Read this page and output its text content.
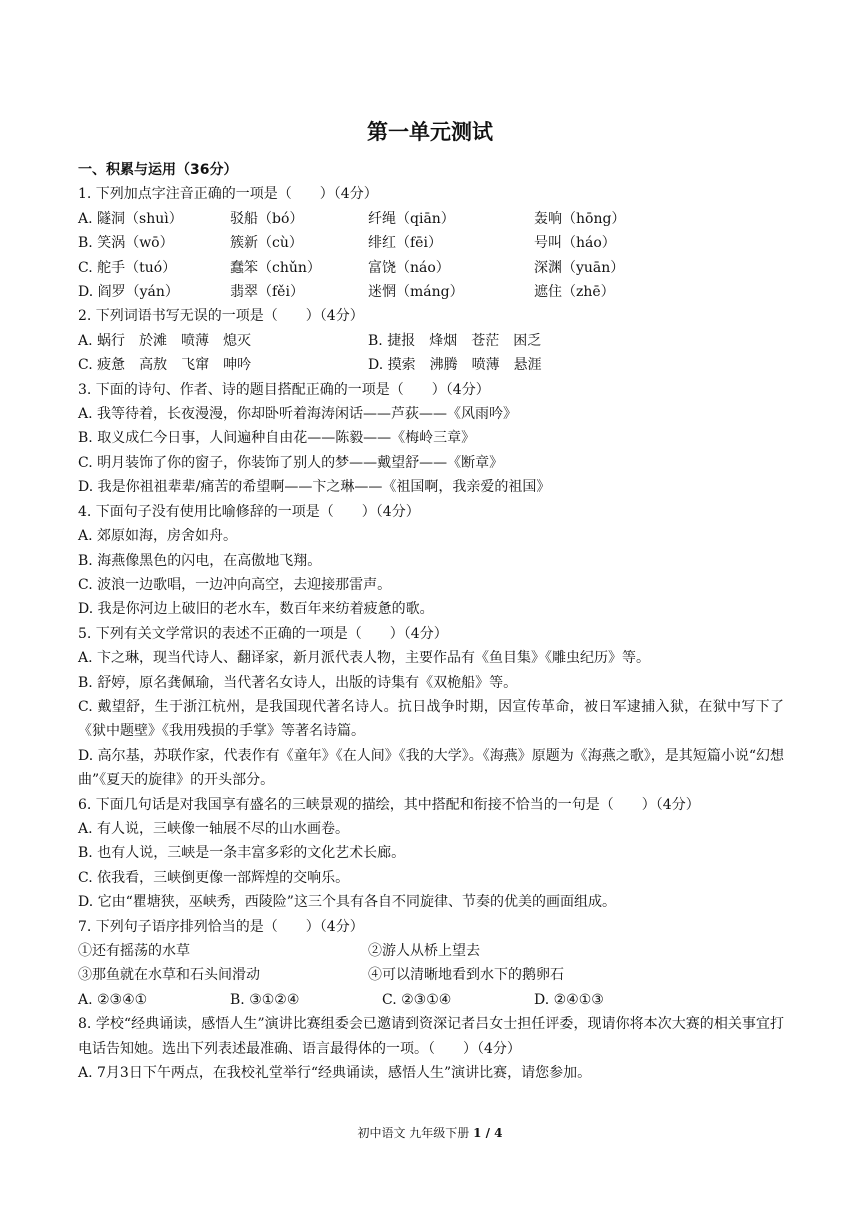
第一单元测试
一、积累与运用（36分）
1. 下列加点字注音正确的一项是（　　）（4分）
A. 隧洞（shuì）	驳船（bó）	纤绳（qiān）	轰响（hōng）
B. 笑涡（wō）	簇新（cù）	绯红（fēi）	号叫（háo）
C. 舵手（tuó）	蠢笨（chǔn）	富饶（náo）	深渊（yuān）
D. 阎罗（yán）	翡翠（fěi）	迷惘（máng）	遮住（zhē）
2. 下列词语书写无误的一项是（　　）（4分）
A. 蜗行　於滩　喷薄　熄灭	B. 捷报　烽烟　苍茫　困乏
C. 疲惫　高敖　飞窜　呻吟	D. 摸索　沸腾　喷薄　悬涯
3. 下面的诗句、作者、诗的题目搭配正确的一项是（　　）（4分）
A. 我等待着，长夜漫漫，你却卧听着海涛闲话——芦荻——《风雨吟》
B. 取义成仁今日事，人间遍种自由花——陈毅——《梅岭三章》
C. 明月装饰了你的窗子，你装饰了别人的梦——戴望舒——《断章》
D. 我是你祖祖辈辈/痛苦的希望啊——卞之琳——《祖国啊，我亲爱的祖国》
4. 下面句子没有使用比喻修辞的一项是（　　）（4分）
A. 郊原如海，房舍如舟。
B. 海燕像黑色的闪电，在高傲地飞翔。
C. 波浪一边歌唱，一边冲向高空，去迎接那雷声。
D. 我是你河边上破旧的老水车，数百年来纺着疲惫的歌。
5. 下列有关文学常识的表述不正确的一项是（　　）（4分）
A. 卞之琳，现当代诗人、翻译家，新月派代表人物，主要作品有《鱼目集》《雕虫纪历》等。
B. 舒婷，原名龚佩瑜，当代著名女诗人，出版的诗集有《双桅船》等。
C. 戴望舒，生于浙江杭州，是我国现代著名诗人。抗日战争时期，因宣传革命，被日军逮捕入狱，在狱中写下了《狱中题壁》《我用残损的手掌》等著名诗篇。
D. 高尔基，苏联作家，代表作有《童年》《在人间》《我的大学》。《海燕》原题为《海燕之歌》，是其短篇小说“幻想曲”《夏天的旋律》的开头部分。
6. 下面几句话是对我国享有盛名的三峡景观的描绘，其中搭配和衔接不恰当的一句是（　　）（4分）
A. 有人说，三峡像一轴展不尽的山水画卷。
B. 也有人说，三峡是一条丰富多彩的文化艺术长廊。
C. 依我看，三峡倒更像一部辉煌的交响乐。
D. 它由“瞿塘狭，巫峡秀，西陵险”这三个具有各自不同旋律、节奏的优美的画面组成。
7. 下列句子语序排列恰当的是（　　）（4分）
①还有摇荡的水草	②游人从桥上望去
③那鱼就在水草和石头间滑动	④可以清晰地看到水下的鹅卵石
A. ②③④①	B. ③①②④	C. ②③①④	D. ②④①③
8. 学校“经典诵读，感悟人生”演讲比赛组委会已邀请到资深记者吕女士担任评委，现请你将本次大赛的相关事宜打电话告知她。选出下列表述最准确、语言最得体的一项。（　　）（4分）
A. 7月3日下午两点，在我校礼堂举行“经典诵读，感悟人生”演讲比赛，请您参加。
初中语文 九年级下册 1 / 4
